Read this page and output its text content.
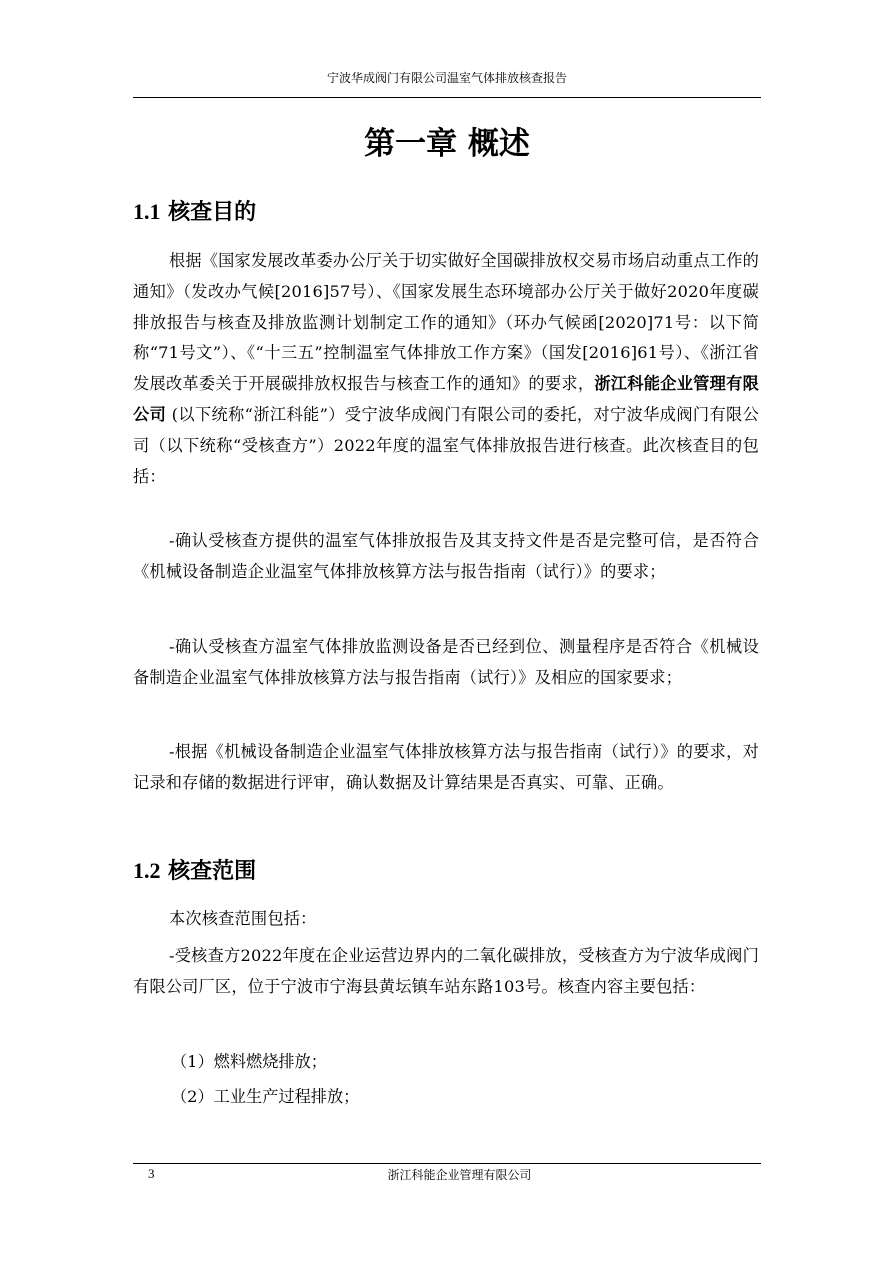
宁波华成阀门有限公司温室气体排放核查报告
第一章 概述
1.1 核查目的
根据《国家发展改革委办公厅关于切实做好全国碳排放权交易市场启动重点工作的通知》（发改办气候[2016]57号）、《国家发展生态环境部办公厅关于做好2020年度碳排放报告与核查及排放监测计划制定工作的通知》（环办气候函[2020]71号：以下简称“71号文”）、《“十三五”控制温室气体排放工作方案》（国发[2016]61号）、《浙江省发展改革委关于开展碳排放权报告与核查工作的通知》的要求，浙江科能企业管理有限公司 (以下统称“浙江科能”）受宁波华成阀门有限公司的委托，对宁波华成阀门有限公司（以下统称“受核查方”）2022年度的温室气体排放报告进行核查。此次核查目的包括：
-确认受核查方提供的温室气体排放报告及其支持文件是否是完整可信，是否符合《机械设备制造企业温室气体排放核算方法与报告指南（试行）》的要求；
-确认受核查方温室气体排放监测设备是否已经到位、测量程序是否符合《机械设备制造企业温室气体排放核算方法与报告指南（试行）》及相应的国家要求；
-根据《机械设备制造企业温室气体排放核算方法与报告指南（试行）》的要求，对记录和存储的数据进行评审，确认数据及计算结果是否真实、可靠、正确。
1.2 核查范围
本次核查范围包括：
-受核查方2022年度在企业运营边界内的二氧化碳排放，受核查方为宁波华成阀门有限公司厂区，位于宁波市宁海县黄坛镇车站东路103号。核查内容主要包括：
（1）燃料燃烧排放；
（2）工业生产过程排放；
3	浙江科能企业管理有限公司
